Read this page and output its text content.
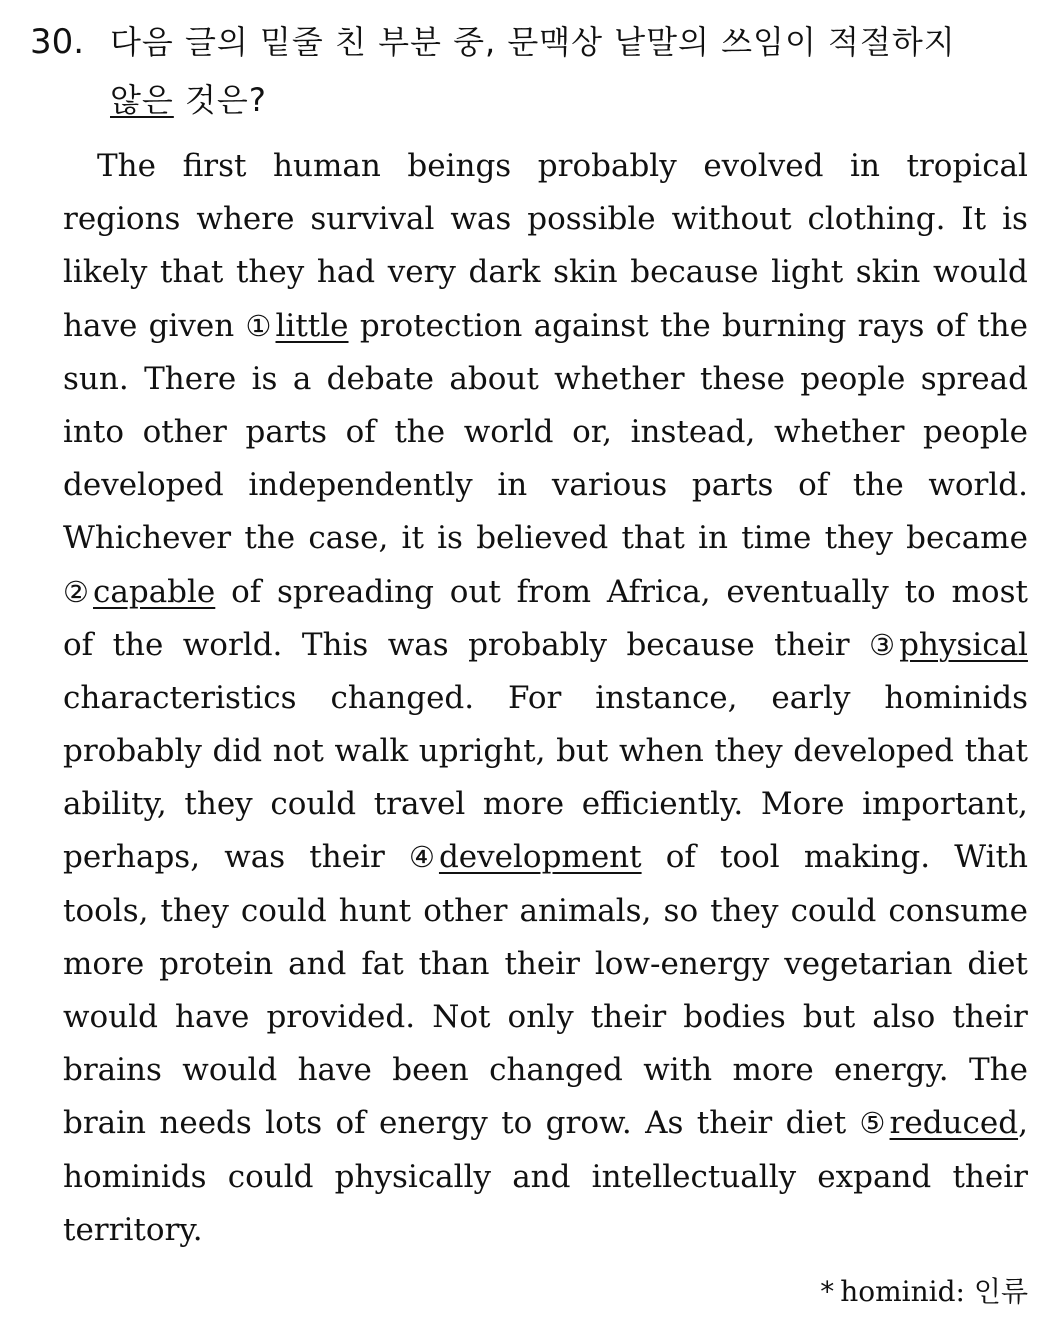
30. 다음 글의 밑줄 친 부분 중, 문맥상 낱말의 쓰임이 적절하지
않은 것은?
The first human beings probably evolved in tropical
regions where survival was possible without clothing. It is
likely that they had very dark skin because light skin would
have given ① little protection against the burning rays of the
sun. There is a debate about whether these people spread
into other parts of the world or, instead, whether people
developed independently in various parts of the world.
Whichever the case, it is believed that in time they became
② capable of spreading out from Africa, eventually to most
of the world. This was probably because their ③ physical
characteristics changed. For instance, early hominids
probably did not walk upright, but when they developed that
ability, they could travel more efficiently. More important,
perhaps, was their ④ development of tool making. With
tools, they could hunt other animals, so they could consume
more protein and fat than their low-energy vegetarian diet
would have provided. Not only their bodies but also their
brains would have been changed with more energy. The
brain needs lots of energy to grow. As their diet ⑤ reduced ,
hominids could physically and intellectually expand their
territory.
* hominid: 인류
